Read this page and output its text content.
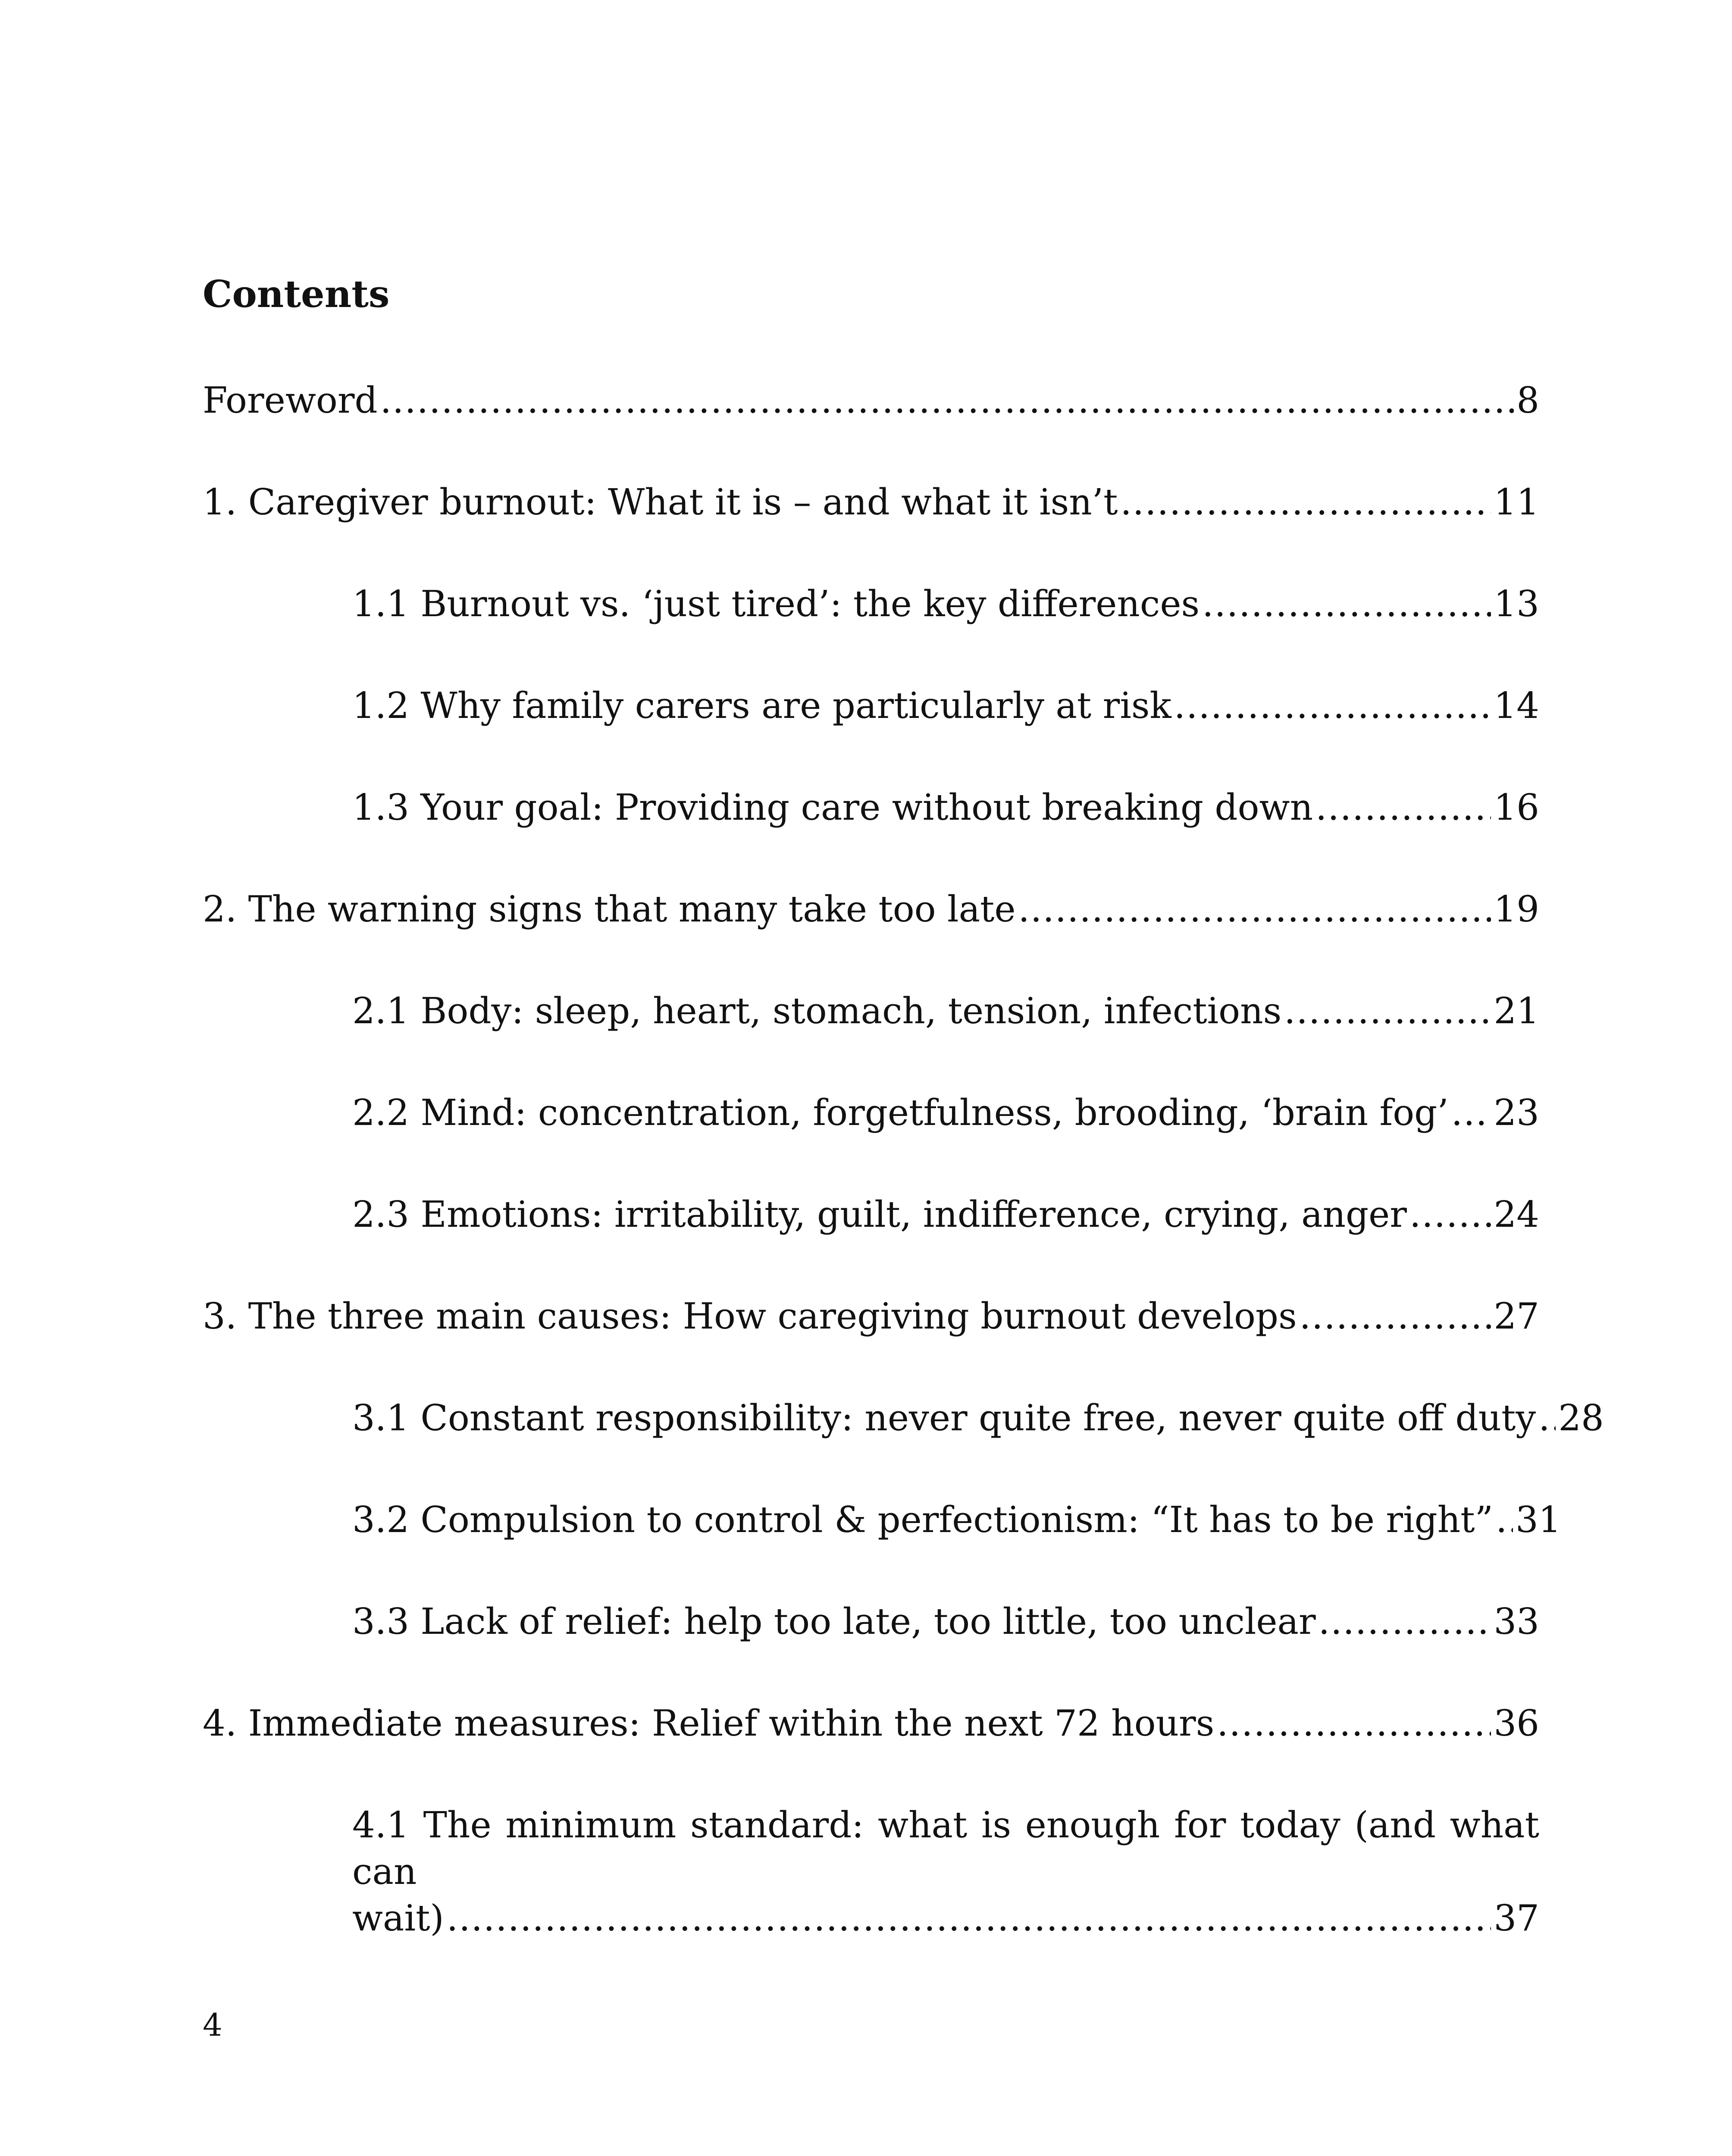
Contents
Foreword .....	8
1. Caregiver burnout: What it is – and what it isn’t .....	11
1.1 Burnout vs. ‘just tired’: the key differences .....	13
1.2 Why family carers are particularly at risk .....	14
1.3 Your goal: Providing care without breaking down .....	16
2. The warning signs that many take too late .....	19
2.1 Body: sleep, heart, stomach, tension, infections .....	21
2.2 Mind: concentration, forgetfulness, brooding, ‘brain fog’ ..... 23
2.3 Emotions: irritability, guilt, indifference, crying, anger ..... 24
3. The three main causes: How caregiving burnout develops .....	27
3.1 Constant responsibility: never quite free, never quite off duty ..... 28
3.2 Compulsion to control & perfectionism: “It has to be right” ..... 31
3.3 Lack of relief: help too late, too little, too unclear .....	33
4. Immediate measures: Relief within the next 72 hours .....	36
4.1 The minimum standard: what is enough for today (and what can
wait) .....	37
4
